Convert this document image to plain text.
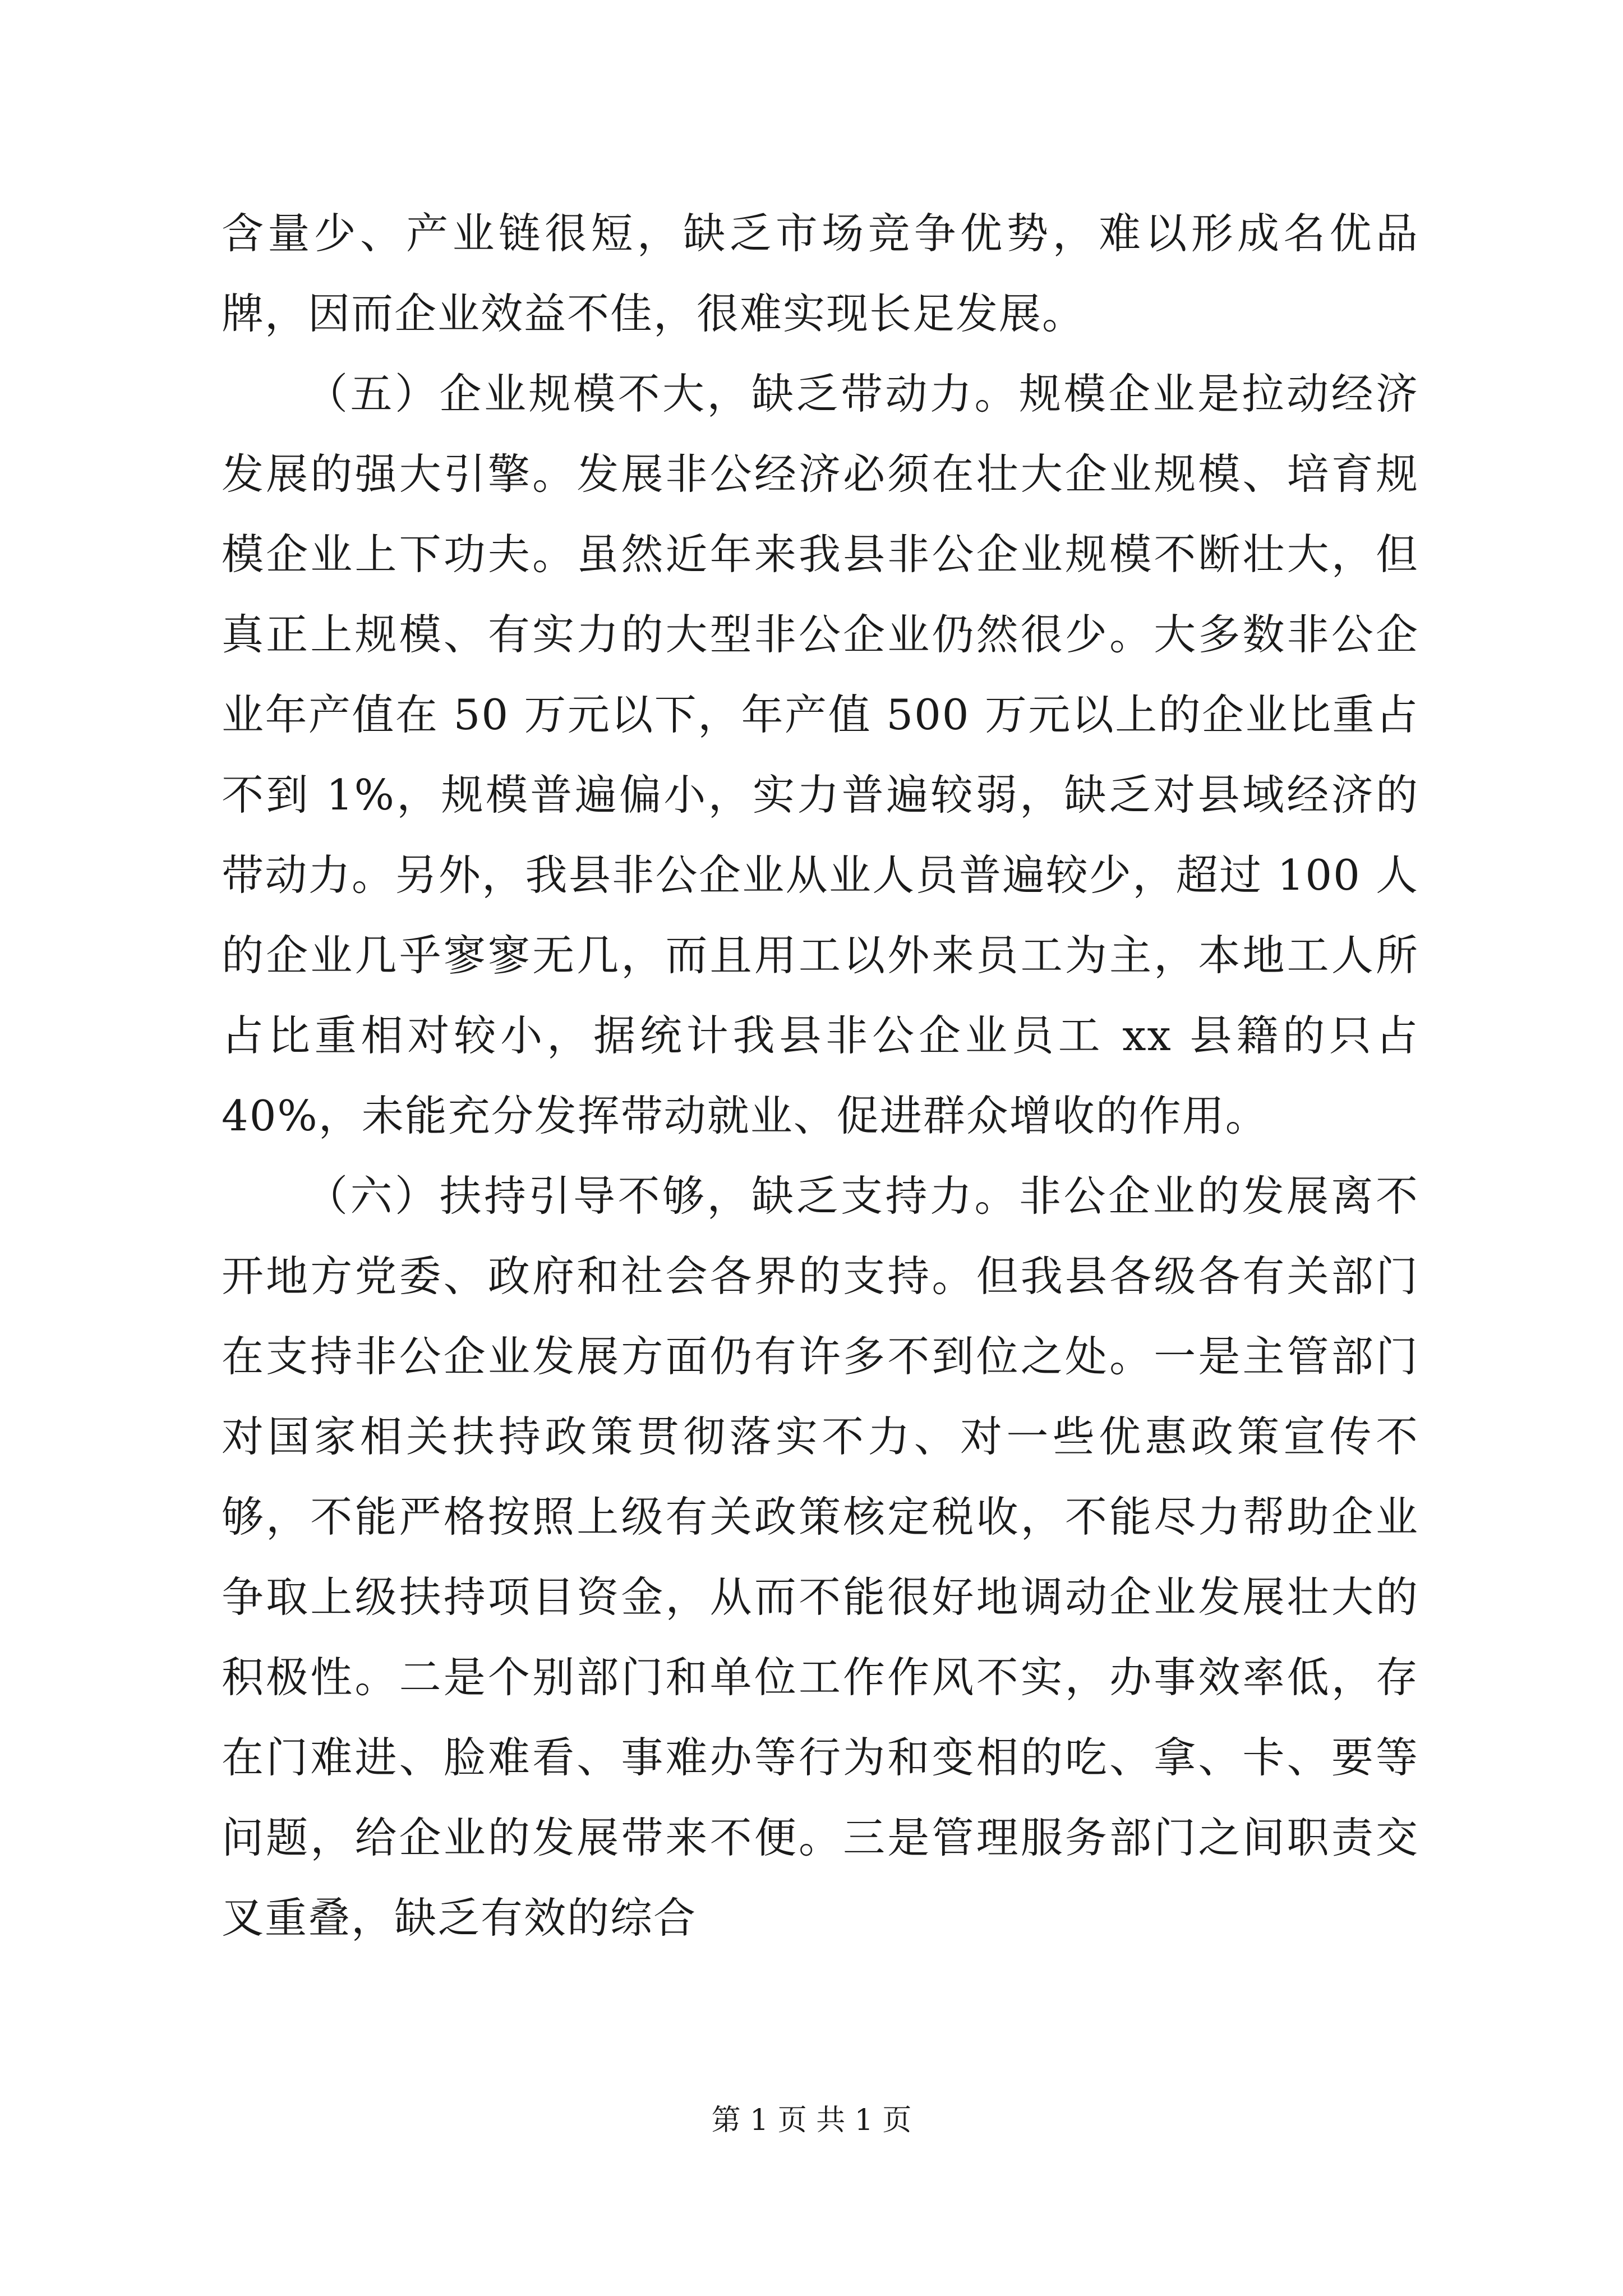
含量少、产业链很短，缺乏市场竞争优势，难以形成名优品牌，因而企业效益不佳，很难实现长足发展。

（五）企业规模不大，缺乏带动力。规模企业是拉动经济发展的强大引擎。发展非公经济必须在壮大企业规模、培育规模企业上下功夫。虽然近年来我县非公企业规模不断壮大，但真正上规模、有实力的大型非公企业仍然很少。大多数非公企业年产值在 50 万元以下，年产值 500 万元以上的企业比重占不到 1%，规模普遍偏小，实力普遍较弱，缺乏对县域经济的带动力。另外，我县非公企业从业人员普遍较少，超过 100 人的企业几乎寥寥无几，而且用工以外来员工为主，本地工人所占比重相对较小，据统计我县非公企业员工 xx 县籍的只占 40%，未能充分发挥带动就业、促进群众增收的作用。

（六）扶持引导不够，缺乏支持力。非公企业的发展离不开地方党委、政府和社会各界的支持。但我县各级各有关部门在支持非公企业发展方面仍有许多不到位之处。一是主管部门对国家相关扶持政策贯彻落实不力、对一些优惠政策宣传不够，不能严格按照上级有关政策核定税收，不能尽力帮助企业争取上级扶持项目资金，从而不能很好地调动企业发展壮大的积极性。二是个别部门和单位工作作风不实，办事效率低，存在门难进、脸难看、事难办等行为和变相的吃、拿、卡、要等问题，给企业的发展带来不便。三是管理服务部门之间职责交叉重叠，缺乏有效的综合

第 1 页 共 1 页
